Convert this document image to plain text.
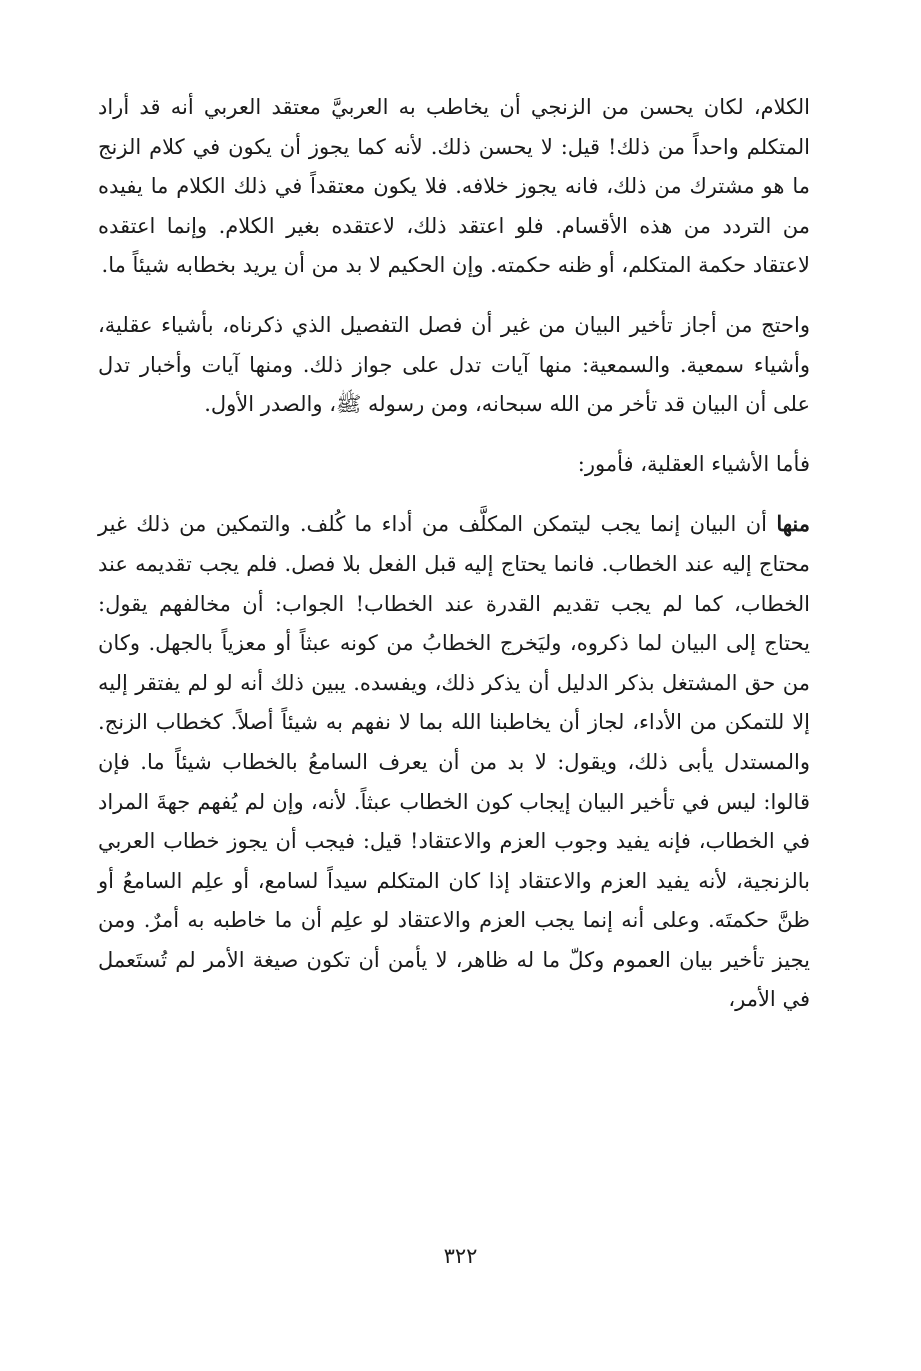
الكلام، لكان يحسن من الزنجي أن يخاطب به العربيَّ معتقد العربي أنه قد أراد المتكلم واحداً من ذلك! قيل: لا يحسن ذلك. لأنه كما يجوز أن يكون في كلام الزنج ما هو مشترك من ذلك، فانه يجوز خلافه. فلا يكون معتقداً في ذلك الكلام ما يفيده من التردد من هذه الأقسام. فلو اعتقد ذلك، لاعتقده بغير الكلام. وإنما اعتقده لاعتقاد حكمة المتكلم، أو ظنه حكمته. وإن الحكيم لا بد من أن يريد بخطابه شيئاً ما.

واحتج من أجاز تأخير البيان من غير أن فصل التفصيل الذي ذكرناه، بأشياء عقلية، وأشياء سمعية. والسمعية: منها آيات تدل على جواز ذلك. ومنها آيات وأخبار تدل على أن البيان قد تأخر من الله سبحانه، ومن رسوله ﷺ، والصدر الأول.

فأما الأشياء العقلية، فأمور:

منها أن البيان إنما يجب ليتمكن المكلَّف من أداء ما كُلف. والتمكين من ذلك غير محتاج إليه عند الخطاب. فانما يحتاج إليه قبل الفعل بلا فصل. فلم يجب تقديمه عند الخطاب، كما لم يجب تقديم القدرة عند الخطاب! الجواب: أن مخالفهم يقول: يحتاج إلى البيان لما ذكروه، وليَخرج الخطابُ من كونه عبثاً أو معزياً بالجهل. وكان من حق المشتغل بذكر الدليل أن يذكر ذلك، ويفسده. يبين ذلك أنه لو لم يفتقر إليه إلا للتمكن من الأداء، لجاز أن يخاطبنا الله بما لا نفهم به شيئاً أصلاً. كخطاب الزنج. والمستدل يأبى ذلك، ويقول: لا بد من أن يعرف السامعُ بالخطاب شيئاً ما. فإن قالوا: ليس في تأخير البيان إيجاب كون الخطاب عبثاً. لأنه، وإن لم يُفهم جهةَ المراد في الخطاب، فإنه يفيد وجوب العزم والاعتقاد! قيل: فيجب أن يجوز خطاب العربي بالزنجية، لأنه يفيد العزم والاعتقاد إذا كان المتكلم سيداً لسامع، أو علِم السامعُ أو ظنَّ حكمتَه. وعلى أنه إنما يجب العزم والاعتقاد لو علِم أن ما خاطبه به أمرٌ. ومن يجيز تأخير بيان العموم وكلّ ما له ظاهر، لا يأمن أن تكون صيغة الأمر لم تُستَعمل في الأمر،

٣٢٢
